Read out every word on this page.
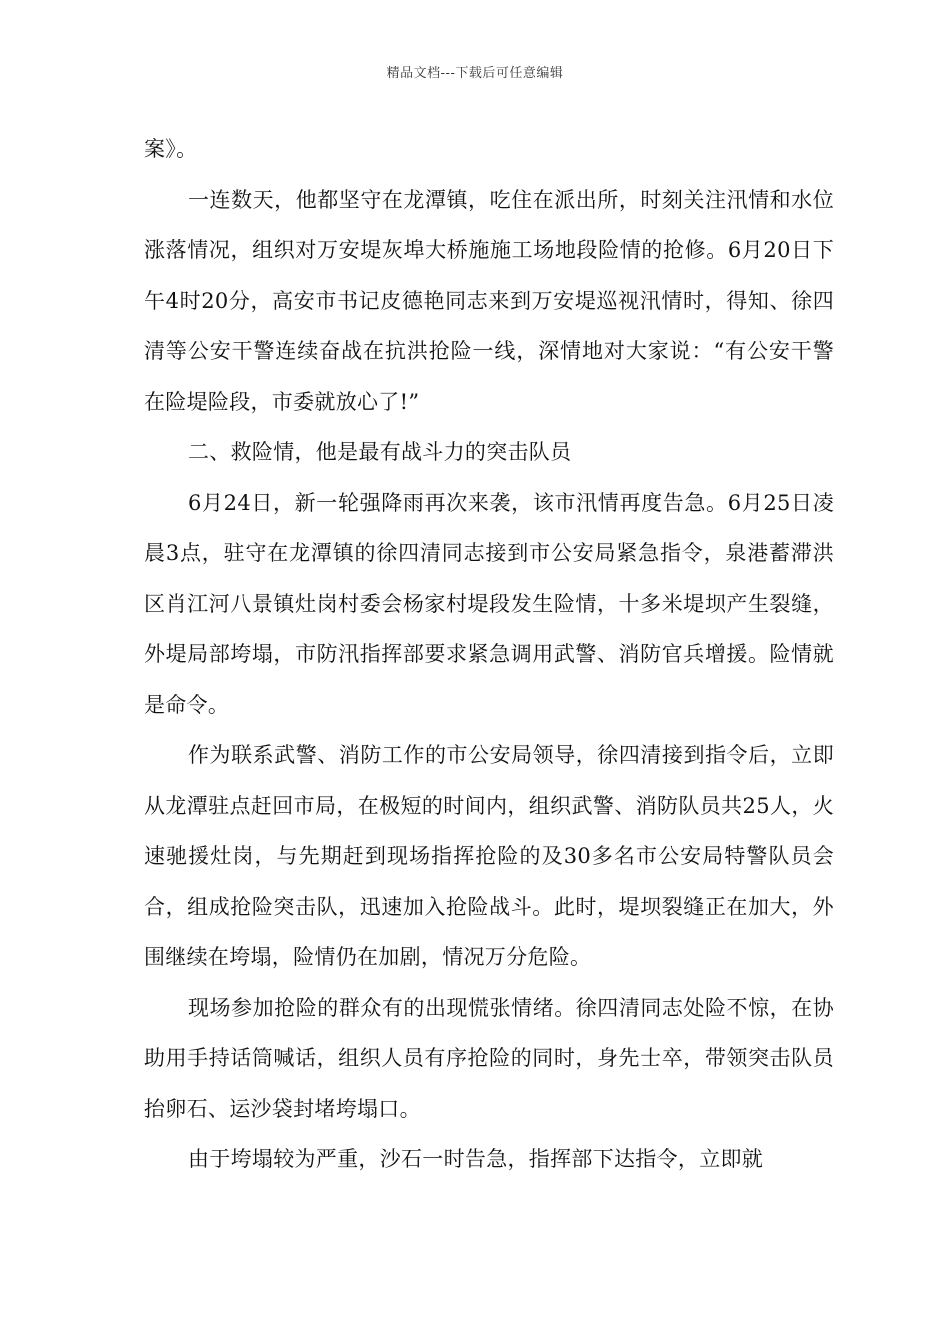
精品文档---下载后可任意编辑

案》。

一连数天，他都坚守在龙潭镇，吃住在派出所，时刻关注汛情和水位涨落情况，组织对万安堤灰埠大桥施施工场地段险情的抢修。6月20日下午4时20分，高安市书记皮德艳同志来到万安堤巡视汛情时，得知、徐四清等公安干警连续奋战在抗洪抢险一线，深情地对大家说：“有公安干警在险堤险段，市委就放心了!”

二、救险情，他是最有战斗力的突击队员

6月24日，新一轮强降雨再次来袭，该市汛情再度告急。6月25日凌晨3点，驻守在龙潭镇的徐四清同志接到市公安局紧急指令，泉港蓄滞洪区肖江河八景镇灶岗村委会杨家村堤段发生险情，十多米堤坝产生裂缝，外堤局部垮塌，市防汛指挥部要求紧急调用武警、消防官兵增援。险情就是命令。

作为联系武警、消防工作的市公安局领导，徐四清接到指令后，立即从龙潭驻点赶回市局，在极短的时间内，组织武警、消防队员共25人，火速驰援灶岗，与先期赶到现场指挥抢险的及30多名市公安局特警队员会合，组成抢险突击队，迅速加入抢险战斗。此时，堤坝裂缝正在加大，外围继续在垮塌，险情仍在加剧，情况万分危险。

现场参加抢险的群众有的出现慌张情绪。徐四清同志处险不惊，在协助用手持话筒喊话，组织人员有序抢险的同时，身先士卒，带领突击队员抬卵石、运沙袋封堵垮塌口。

由于垮塌较为严重，沙石一时告急，指挥部下达指令，立即就
